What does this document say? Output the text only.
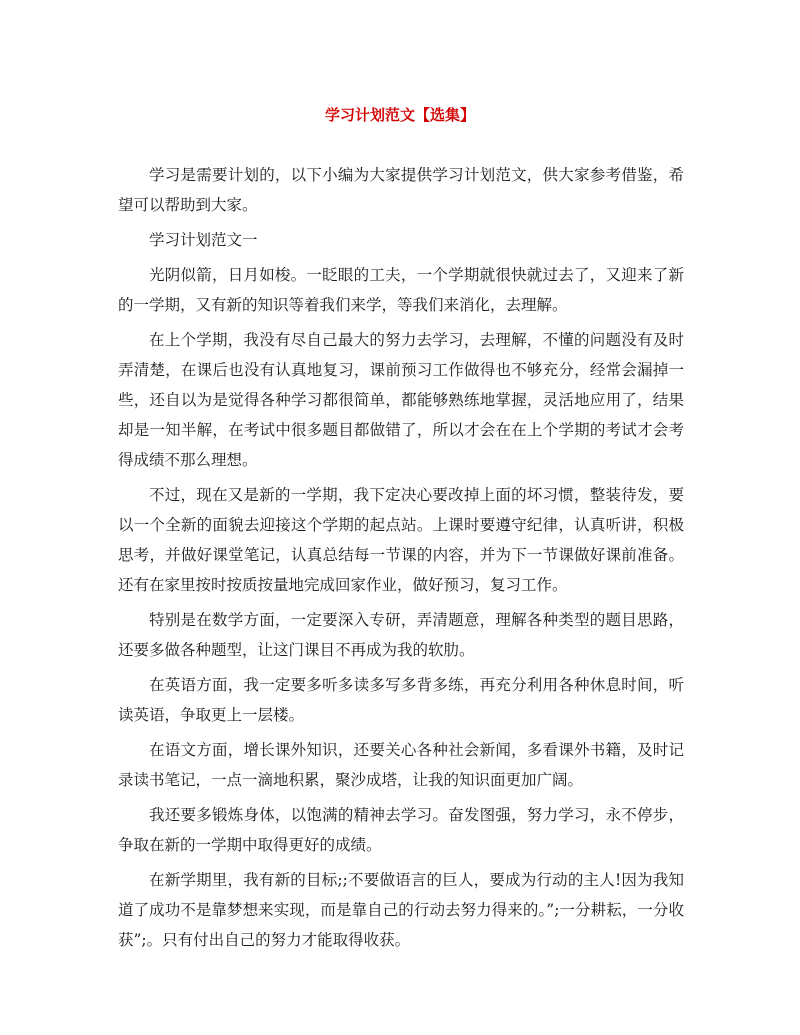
学习计划范文【选集】

学习是需要计划的，以下小编为大家提供学习计划范文，供大家参考借鉴，希望可以帮助到大家。

学习计划范文一

光阴似箭，日月如梭。一眨眼的工夫，一个学期就很快就过去了，又迎来了新的一学期，又有新的知识等着我们来学，等我们来消化，去理解。

在上个学期，我没有尽自己最大的努力去学习，去理解，不懂的问题没有及时弄清楚，在课后也没有认真地复习，课前预习工作做得也不够充分，经常会漏掉一些，还自以为是觉得各种学习都很简单，都能够熟练地掌握，灵活地应用了，结果却是一知半解，在考试中很多题目都做错了，所以才会在在上个学期的考试才会考得成绩不那么理想。

不过，现在又是新的一学期，我下定决心要改掉上面的坏习惯，整装待发，要以一个全新的面貌去迎接这个学期的起点站。上课时要遵守纪律，认真听讲，积极思考，并做好课堂笔记，认真总结每一节课的内容，并为下一节课做好课前准备。还有在家里按时按质按量地完成回家作业，做好预习，复习工作。

特别是在数学方面，一定要深入专研，弄清题意，理解各种类型的题目思路，还要多做各种题型，让这门课目不再成为我的软肋。

在英语方面，我一定要多听多读多写多背多练，再充分利用各种休息时间，听读英语，争取更上一层楼。

在语文方面，增长课外知识，还要关心各种社会新闻，多看课外书籍，及时记录读书笔记，一点一滴地积累，聚沙成塔，让我的知识面更加广阔。

我还要多锻炼身体，以饱满的精神去学习。奋发图强，努力学习，永不停步，争取在新的一学期中取得更好的成绩。

在新学期里，我有新的目标;;不要做语言的巨人，要成为行动的主人!因为我知道了成功不是靠梦想来实现，而是靠自己的行动去努力得来的。”;一分耕耘，一分收获”;。只有付出自己的努力才能取得收获。
